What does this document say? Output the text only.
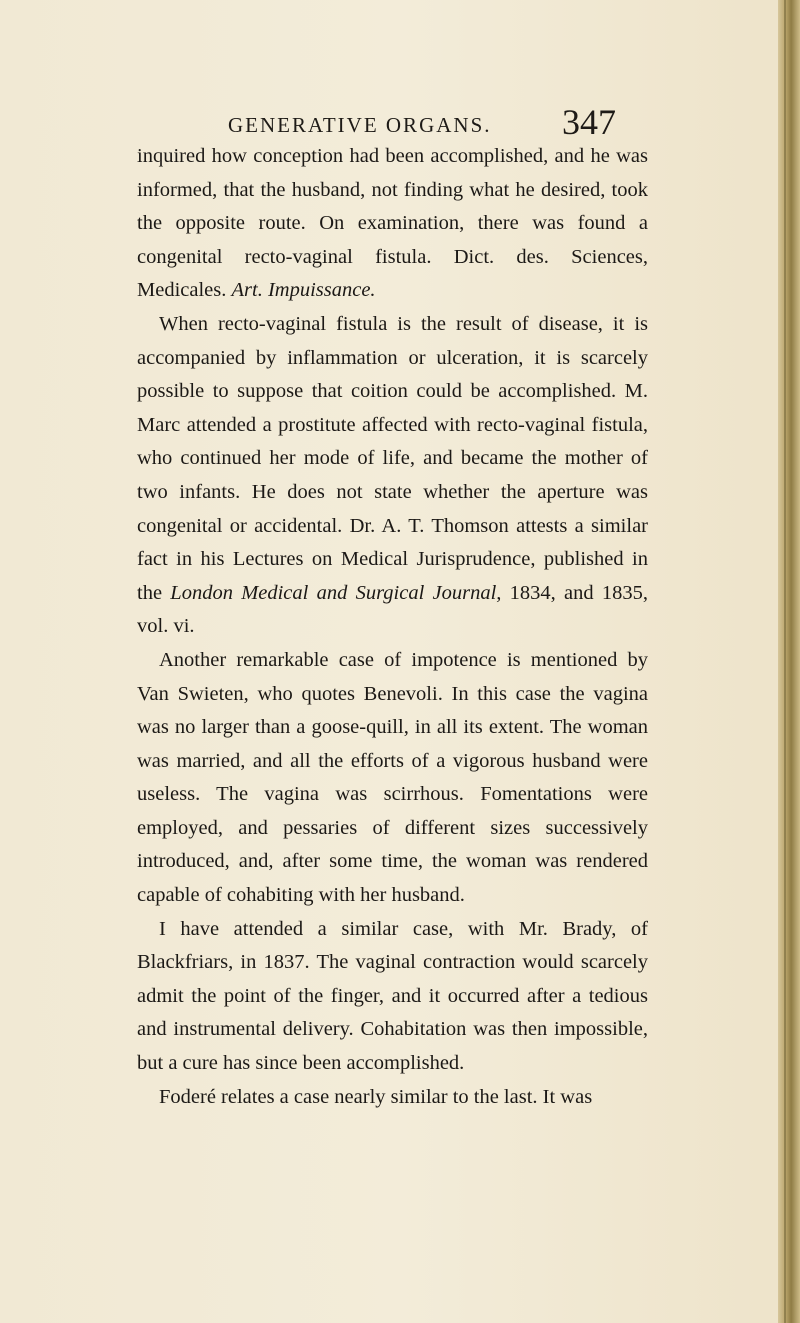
GENERATIVE ORGANS. 347

inquired how conception had been accomplished, and he was informed, that the husband, not finding what he desired, took the opposite route. On examination, there was found a congenital recto-vaginal fistula. Dict. des. Sciences, Medicales. Art. Impuissance.

When recto-vaginal fistula is the result of disease, it is accompanied by inflammation or ulceration, it is scarcely possible to suppose that coition could be accomplished. M. Marc attended a prostitute affected with recto-vaginal fistula, who continued her mode of life, and became the mother of two infants. He does not state whether the aperture was congenital or accidental. Dr. A. T. Thomson attests a similar fact in his Lectures on Medical Jurisprudence, published in the London Medical and Surgical Journal, 1834, and 1835, vol. vi.

Another remarkable case of impotence is mentioned by Van Swieten, who quotes Benevoli. In this case the vagina was no larger than a goose-quill, in all its extent. The woman was married, and all the efforts of a vigorous husband were useless. The vagina was scirrhous. Fomentations were employed, and pessaries of different sizes successively introduced, and, after some time, the woman was rendered capable of cohabiting with her husband.

I have attended a similar case, with Mr. Brady, of Blackfriars, in 1837. The vaginal contraction would scarcely admit the point of the finger, and it occurred after a tedious and instrumental delivery. Cohabitation was then impossible, but a cure has since been accomplished.

Foderé relates a case nearly similar to the last. It was
